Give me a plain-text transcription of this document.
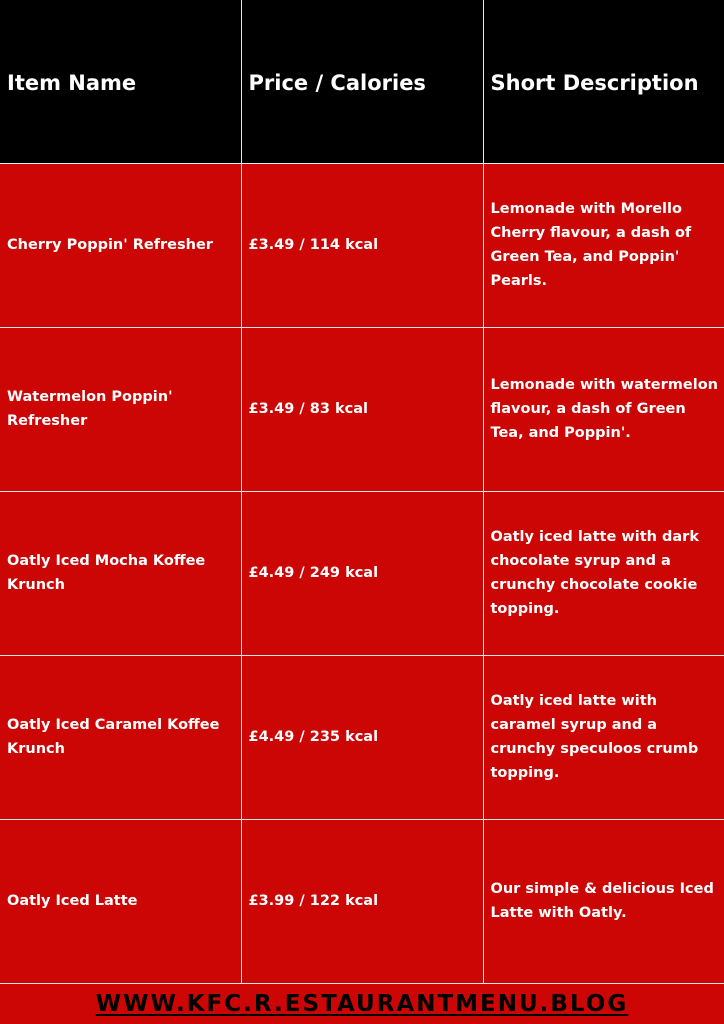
Item Name	Price / Calories	Short Description
Cherry Poppin' Refresher	£3.49 / 114 kcal	Lemonade with Morello Cherry flavour, a dash of Green Tea, and Poppin' Pearls.
Watermelon Poppin' Refresher	£3.49 / 83 kcal	Lemonade with watermelon flavour, a dash of Green Tea, and Poppin'.
Oatly Iced Mocha Koffee Krunch	£4.49 / 249 kcal	Oatly iced latte with dark chocolate syrup and a crunchy chocolate cookie topping.
Oatly Iced Caramel Koffee Krunch	£4.49 / 235 kcal	Oatly iced latte with caramel syrup and a crunchy speculoos crumb topping.
Oatly Iced Latte	£3.99 / 122 kcal	Our simple & delicious Iced Latte with Oatly.
WWW.KFC.R.ESTAURANTMENU.BLOG
